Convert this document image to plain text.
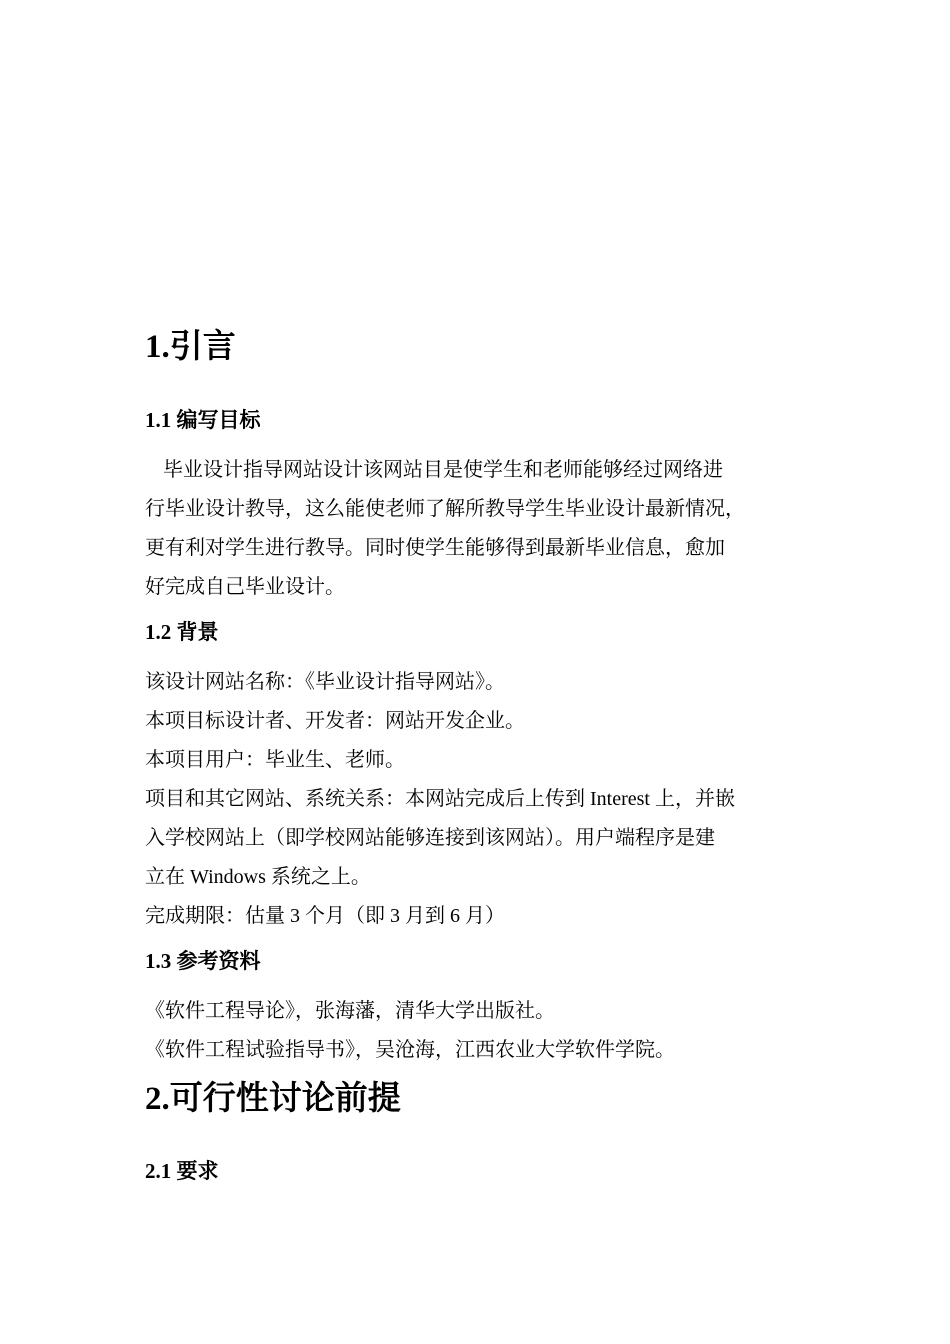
1.引言
1.1 编写目标
毕业设计指导网站设计该网站目是使学生和老师能够经过网络进
行毕业设计教导，这么能使老师了解所教导学生毕业设计最新情况，
更有利对学生进行教导。同时使学生能够得到最新毕业信息，愈加
好完成自己毕业设计。
1.2 背景
该设计网站名称：《毕业设计指导网站》。
本项目标设计者、开发者：网站开发企业。
本项目用户：毕业生、老师。
项目和其它网站、系统关系：本网站完成后上传到 Interest 上，并嵌
入学校网站上（即学校网站能够连接到该网站）。用户端程序是建
立在 Windows 系统之上。
完成期限：估量 3 个月（即 3 月到 6 月）
1.3 参考资料
《软件工程导论》，张海藩，清华大学出版社。
《软件工程试验指导书》，吴沧海，江西农业大学软件学院。
2.可行性讨论前提
2.1 要求
